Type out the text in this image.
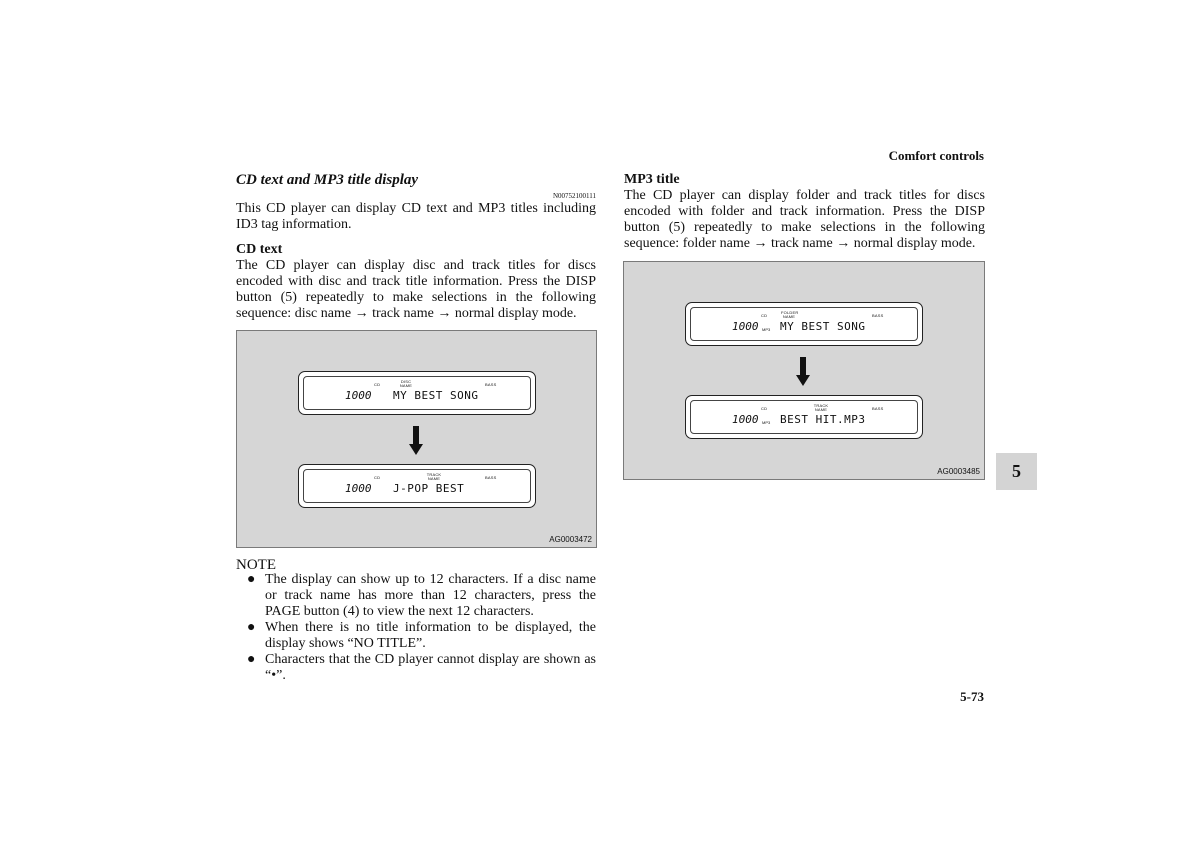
Comfort controls
CD text and MP3 title display
N00752100111

This CD player can display CD text and MP3 titles including ID3 tag information.

CD text

The CD player can display disc and track titles for discs encoded with disc and track title information. Press the DISP button (5) repeatedly to make selections in the following sequence: disc name → track name → normal display mode.

CD
DISC NAME	BASS
1000 MY BEST SONG
CD
TRACK NAME	BASS
1000 J-POP BEST
AG0003472
NOTE
● The display can show up to 12 characters. If a disc name or track name has more than 12 characters, press the PAGE button (4) to view the next 12 characters.
● When there is no title information to be displayed, the display shows “NO TITLE”.
● Characters that the CD player cannot display are shown as “•”.
MP3 title

The CD player can display folder and track titles for discs encoded with folder and track information. Press the DISP button (5) repeatedly to make selections in the following sequence: folder name → track name → normal display mode.

CD
FOLDER NAME	BASS
1000 MP3 MY BEST SONG
CD
TRACK NAME	BASS
1000 MP3 BEST HIT.MP3
AG0003485	5
5-73
